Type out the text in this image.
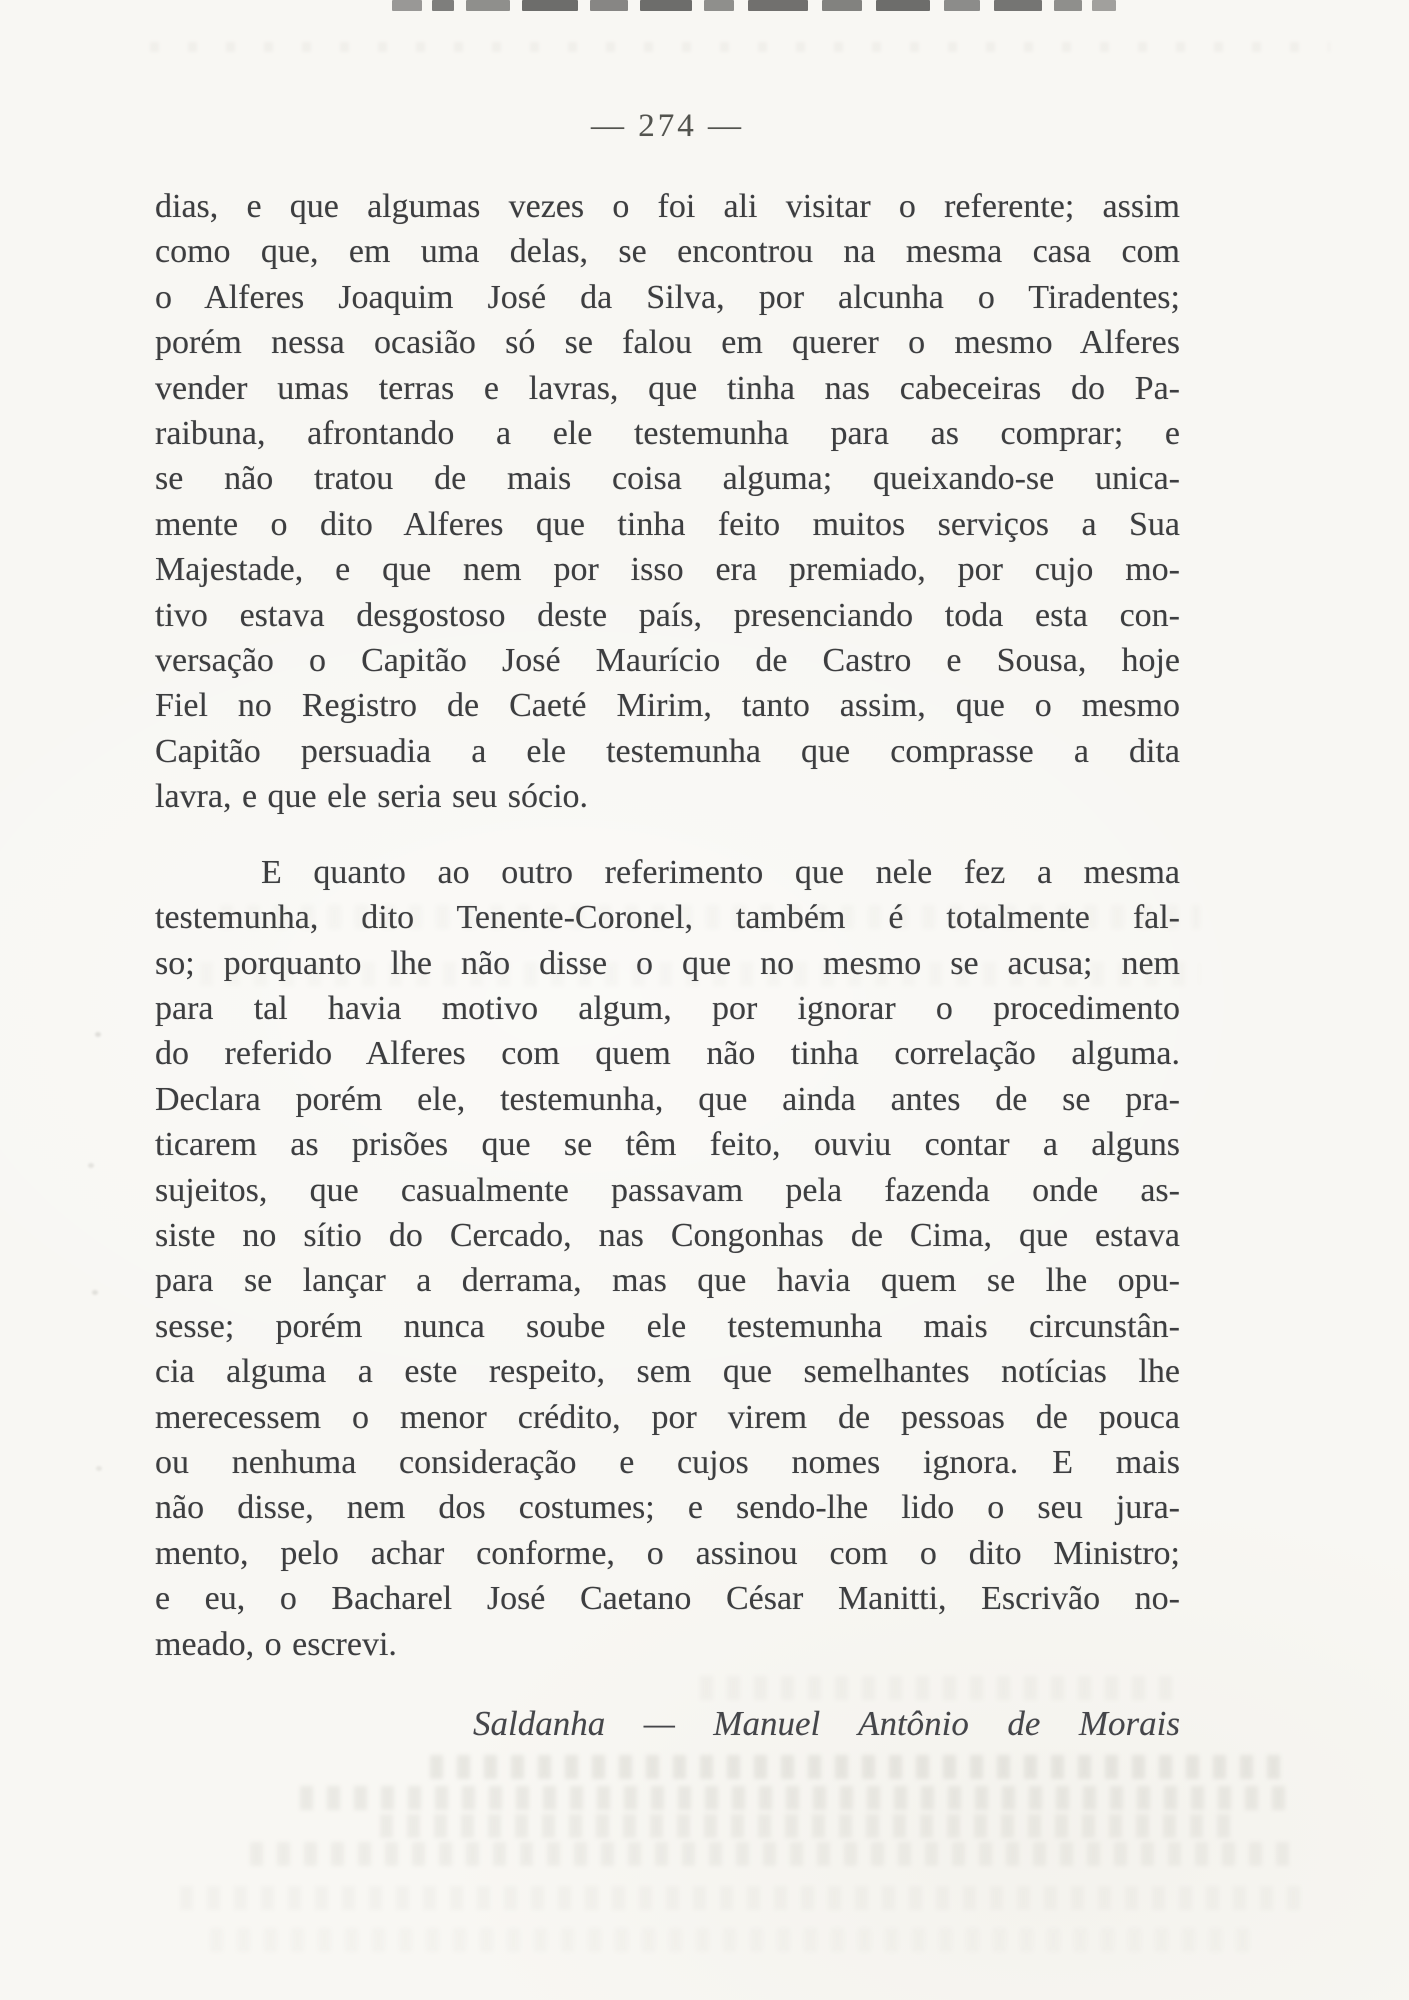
— 274 —
dias, e que algumas vezes o foi ali visitar o referente; assim
como que, em uma delas, se encontrou na mesma casa com
o Alferes Joaquim José da Silva, por alcunha o Tiradentes;
porém nessa ocasião só se falou em querer o mesmo Alferes
vender umas terras e lavras, que tinha nas cabeceiras do Pa-
raibuna, afrontando a ele testemunha para as comprar; e
se não tratou de mais coisa alguma; queixando-se unica-
mente o dito Alferes que tinha feito muitos serviços a Sua
Majestade, e que nem por isso era premiado, por cujo mo-
tivo estava desgostoso deste país, presenciando toda esta con-
versação o Capitão José Maurício de Castro e Sousa, hoje
Fiel no Registro de Caeté Mirim, tanto assim, que o mesmo
Capitão persuadia a ele testemunha que comprasse a dita
lavra, e que ele seria seu sócio.
E quanto ao outro referimento que nele fez a mesma
testemunha, dito Tenente-Coronel, também é totalmente fal-
so; porquanto lhe não disse o que no mesmo se acusa; nem
para tal havia motivo algum, por ignorar o procedimento
do referido Alferes com quem não tinha correlação alguma.
Declara porém ele, testemunha, que ainda antes de se pra-
ticarem as prisões que se têm feito, ouviu contar a alguns
sujeitos, que casualmente passavam pela fazenda onde as-
siste no sítio do Cercado, nas Congonhas de Cima, que estava
para se lançar a derrama, mas que havia quem se lhe opu-
sesse; porém nunca soube ele testemunha mais circunstân-
cia alguma a este respeito, sem que semelhantes notícias lhe
merecessem o menor crédito, por virem de pessoas de pouca
ou nenhuma consideração e cujos nomes ignora. E mais
não disse, nem dos costumes; e sendo-lhe lido o seu jura-
mento, pelo achar conforme, o assinou com o dito Ministro;
e eu, o Bacharel José Caetano César Manitti, Escrivão no-
meado, o escrevi.
Saldanha — Manuel Antônio de Morais
